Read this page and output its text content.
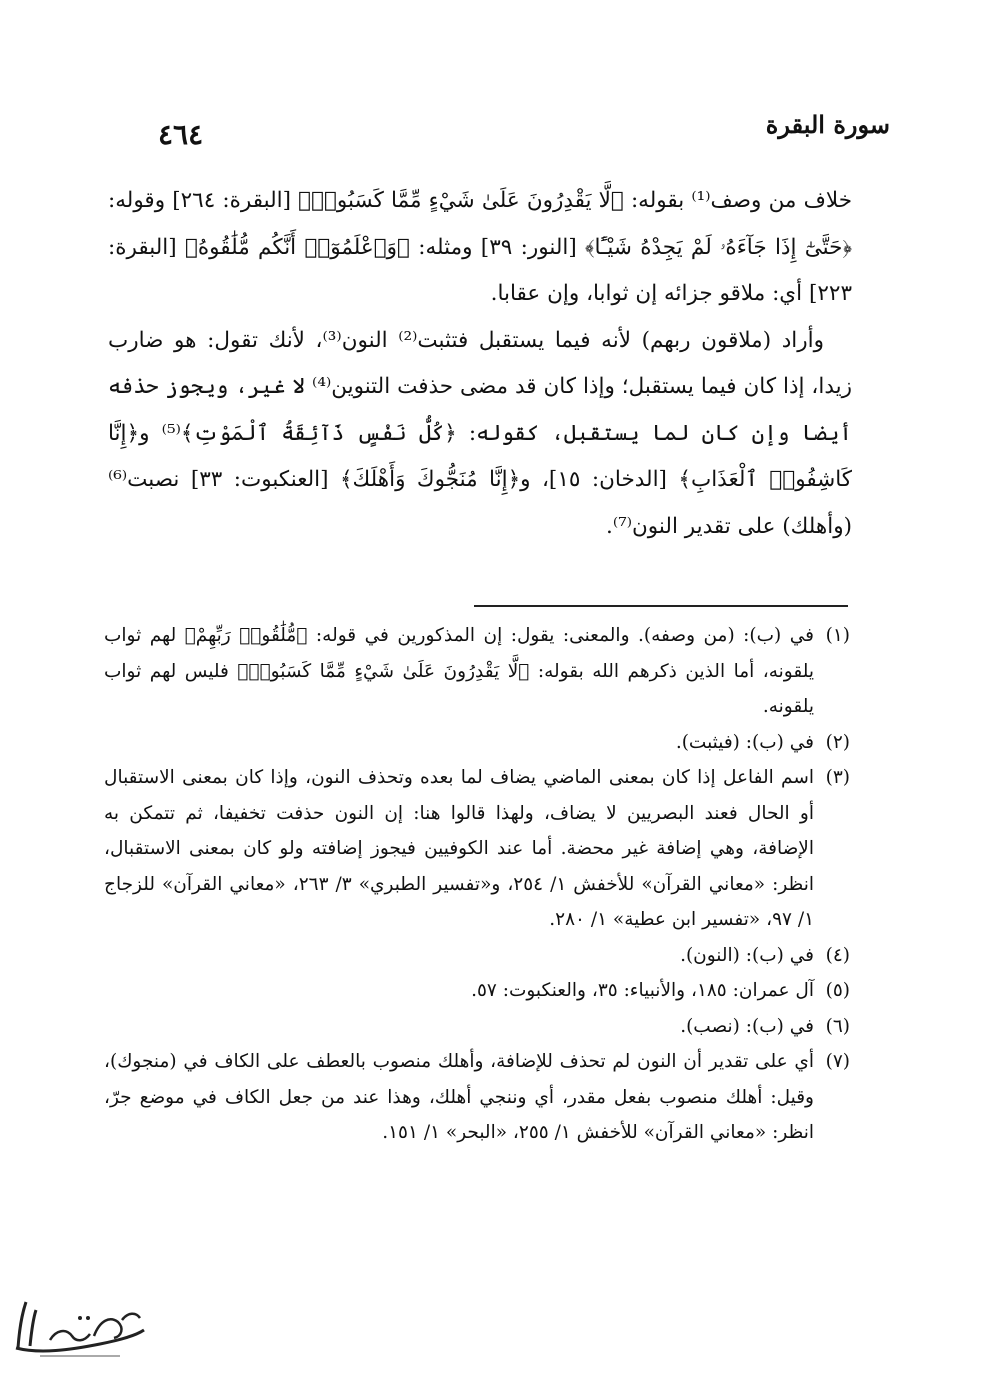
سورة البقرة
٤٦٤

خلاف من وصف⁽¹⁾ بقوله: ﴿لَّا يَقْدِرُونَ عَلَىٰ شَيْءٍ مِّمَّا كَسَبُوا۟﴾ [البقرة: ٢٦٤] وقوله: ﴿حَتَّىٰٓ إِذَا جَآءَهُۥ لَمْ يَجِدْهُ شَيْـًٔا﴾ [النور: ٣٩] ومثله: ﴿وَٱعْلَمُوٓا۟ أَنَّكُم مُّلَٰقُوهُ﴾ [البقرة: ٢٢٣] أي: ملاقو جزائه إن ثوابا، وإن عقابا.

وأراد (ملاقون ربهم) لأنه فيما يستقبل فتثبت⁽²⁾ النون⁽³⁾، لأنك تقول: هو ضارب زيدا، إذا كان فيما يستقبل؛ وإذا كان قد مضى حذفت التنوين⁽⁴⁾ لا غير، ويجوز حذفه أيضا وإن كان لما يستقبل، كقوله: ﴿كُلُّ نَفْسٍ ذَآئِقَةُ ٱلْمَوْتِ﴾⁽⁵⁾ و﴿إِنَّا كَاشِفُوا۟ ٱلْعَذَابِ﴾ [الدخان: ١٥]، و﴿إِنَّا مُنَجُّوكَ وَأَهْلَكَ﴾ [العنكبوت: ٣٣] نصبت⁽⁶⁾ (وأهلك) على تقدير النون⁽⁷⁾.

(١)
في (ب): (من وصفه). والمعنى: يقول: إن المذكورين في قوله: ﴿مُّلَٰقُوا۟ رَبِّهِمْ﴾ لهم ثواب يلقونه، أما الذين ذكرهم الله بقوله: ﴿لَّا يَقْدِرُونَ عَلَىٰ شَيْءٍ مِّمَّا كَسَبُوا۟﴾ فليس لهم ثواب يلقونه.
(٢)
في (ب): (فيثبت).
(٣)
اسم الفاعل إذا كان بمعنى الماضي يضاف لما بعده وتحذف النون، وإذا كان بمعنى الاستقبال أو الحال فعند البصريين لا يضاف، ولهذا قالوا هنا: إن النون حذفت تخفيفا، ثم تتمكن به الإضافة، وهي إضافة غير محضة. أما عند الكوفيين فيجوز إضافته ولو كان بمعنى الاستقبال، انظر: «معاني القرآن» للأخفش ١/ ٢٥٤، و«تفسير الطبري» ٣/ ٢٦٣، «معاني القرآن» للزجاج ١/ ٩٧، «تفسير ابن عطية» ١/ ٢٨٠.
(٤)
في (ب): (النون).
(٥)
آل عمران: ١٨٥، والأنبياء: ٣٥، والعنكبوت: ٥٧.
(٦)
في (ب): (نصب).
(٧)
أي على تقدير أن النون لم تحذف للإضافة، وأهلك منصوب بالعطف على الكاف في (منجوك)، وقيل: أهلك منصوب بفعل مقدر، أي وننجي أهلك، وهذا عند من جعل الكاف في موضع جرّ، انظر: «معاني القرآن» للأخفش ١/ ٢٥٥، «البحر» ١/ ١٥١.
